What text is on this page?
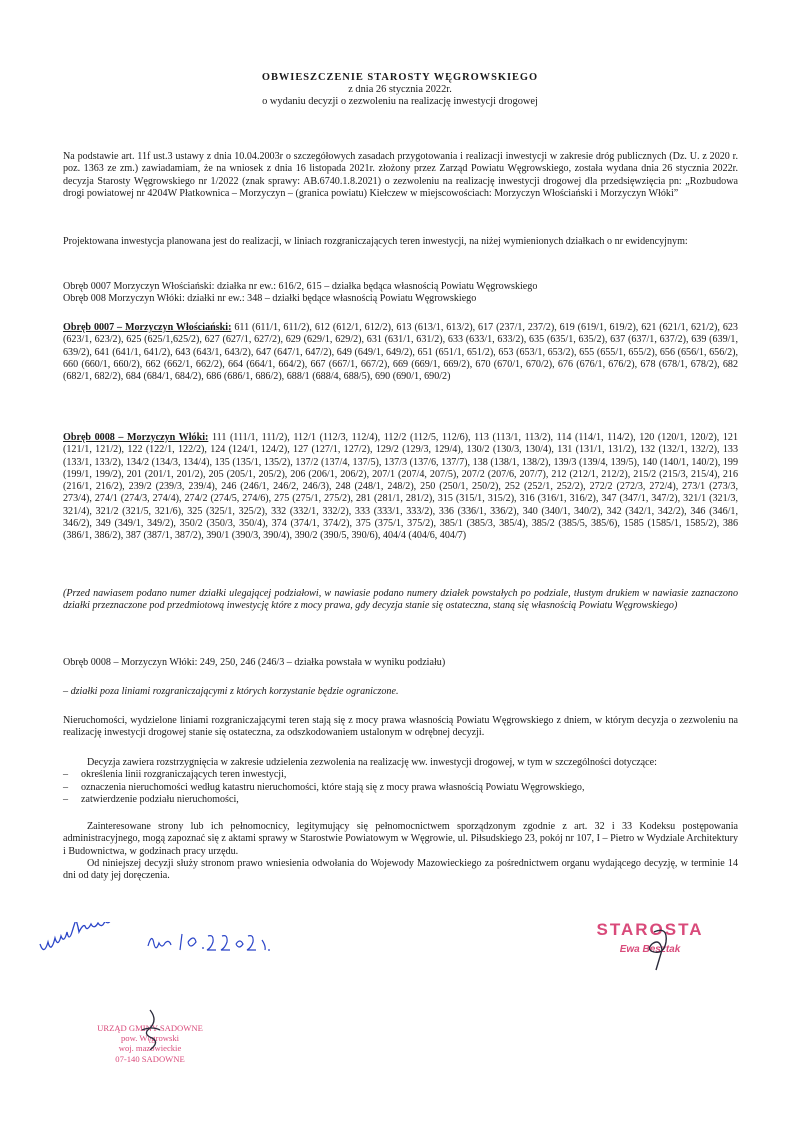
OBWIESZCZENIE STAROSTY WĘGROWSKIEGO
z dnia 26 stycznia 2022r.
o wydaniu decyzji o zezwoleniu na realizację inwestycji drogowej

Na podstawie art. 11f ust.3 ustawy z dnia 10.04.2003r o szczegółowych zasadach przygotowania i realizacji inwestycji w zakresie dróg publicznych (Dz. U. z 2020 r. poz. 1363 ze zm.) zawiadamiam, że na wniosek z dnia 16 listopada 2021r. złożony przez Zarząd Powiatu Węgrowskiego, została wydana dnia 26 stycznia 2022r. decyzja Starosty Węgrowskiego nr 1/2022 (znak sprawy: AB.6740.1.8.2021) o zezwoleniu na realizację inwestycji drogowej dla przedsięwzięcia pn: „Rozbudowa drogi powiatowej nr 4204W Płatkownica – Morzyczyn – (granica powiatu) Kiełczew w miejscowościach: Morzyczyn Włościański i Morzyczyn Włóki”

Projektowana inwestycja planowana jest do realizacji, w liniach rozgraniczających teren inwestycji, na niżej wymienionych działkach o nr ewidencyjnym:

Obręb 0007 Morzyczyn Włościański: działka nr ew.: 616/2, 615 – działka będąca własnością Powiatu Węgrowskiego

Obręb 008 Morzyczyn Włóki: działki nr ew.: 348 – działki będące własnością Powiatu Węgrowskiego

Obręb 0007 – Morzyczyn Włościański: 611 (611/1, 611/2), 612 (612/1, 612/2), 613 (613/1, 613/2), 617 (237/1, 237/2), 619 (619/1, 619/2), 621 (621/1, 621/2), 623 (623/1, 623/2), 625 (625/1,625/2), 627 (627/1, 627/2), 629 (629/1, 629/2), 631 (631/1, 631/2), 633 (633/1, 633/2), 635 (635/1, 635/2), 637 (637/1, 637/2), 639 (639/1, 639/2), 641 (641/1, 641/2), 643 (643/1, 643/2), 647 (647/1, 647/2), 649 (649/1, 649/2), 651 (651/1, 651/2), 653 (653/1, 653/2), 655 (655/1, 655/2), 656 (656/1, 656/2), 660 (660/1, 660/2), 662 (662/1, 662/2), 664 (664/1, 664/2), 667 (667/1, 667/2), 669 (669/1, 669/2), 670 (670/1, 670/2), 676 (676/1, 676/2), 678 (678/1, 678/2), 682 (682/1, 682/2), 684 (684/1, 684/2), 686 (686/1, 686/2), 688/1 (688/4, 688/5), 690 (690/1, 690/2)

Obręb 0008 – Morzyczyn Włóki: 111 (111/1, 111/2), 112/1 (112/3, 112/4), 112/2 (112/5, 112/6), 113 (113/1, 113/2), 114 (114/1, 114/2), 120 (120/1, 120/2), 121 (121/1, 121/2), 122 (122/1, 122/2), 124 (124/1, 124/2), 127 (127/1, 127/2), 129/2 (129/3, 129/4), 130/2 (130/3, 130/4), 131 (131/1, 131/2), 132 (132/1, 132/2), 133 (133/1, 133/2), 134/2 (134/3, 134/4), 135 (135/1, 135/2), 137/2 (137/4, 137/5), 137/3 (137/6, 137/7), 138 (138/1, 138/2), 139/3 (139/4, 139/5), 140 (140/1, 140/2), 199 (199/1, 199/2), 201 (201/1, 201/2), 205 (205/1, 205/2), 206 (206/1, 206/2), 207/1 (207/4, 207/5), 207/2 (207/6, 207/7), 212 (212/1, 212/2), 215/2 (215/3, 215/4), 216 (216/1, 216/2), 239/2 (239/3, 239/4), 246 (246/1, 246/2, 246/3), 248 (248/1, 248/2), 250 (250/1, 250/2), 252 (252/1, 252/2), 272/2 (272/3, 272/4), 273/1 (273/3, 273/4), 274/1 (274/3, 274/4), 274/2 (274/5, 274/6), 275 (275/1, 275/2), 281 (281/1, 281/2), 315 (315/1, 315/2), 316 (316/1, 316/2), 347 (347/1, 347/2), 321/1 (321/3, 321/4), 321/2 (321/5, 321/6), 325 (325/1, 325/2), 332 (332/1, 332/2), 333 (333/1, 333/2), 336 (336/1, 336/2), 340 (340/1, 340/2), 342 (342/1, 342/2), 346 (346/1, 346/2), 349 (349/1, 349/2), 350/2 (350/3, 350/4), 374 (374/1, 374/2), 375 (375/1, 375/2), 385/1 (385/3, 385/4), 385/2 (385/5, 385/6), 1585 (1585/1, 1585/2), 386 (386/1, 386/2), 387 (387/1, 387/2), 390/1 (390/3, 390/4), 390/2 (390/5, 390/6), 404/4 (404/6, 404/7)

(Przed nawiasem podano numer działki ulegającej podziałowi, w nawiasie podano numery działek powstałych po podziale, tłustym drukiem w nawiasie zaznaczono działki przeznaczone pod przedmiotową inwestycję które z mocy prawa, gdy decyzja stanie się ostateczna, staną się własnością Powiatu Węgrowskiego)

Obręb 0008 – Morzyczyn Włóki: 249, 250, 246 (246/3 – działka powstała w wyniku podziału)

– działki poza liniami rozgraniczającymi z których korzystanie będzie ograniczone.

Nieruchomości, wydzielone liniami rozgraniczającymi teren stają się z mocy prawa własnością Powiatu Węgrowskiego z dniem, w którym decyzja o zezwoleniu na realizację inwestycji drogowej stanie się ostateczna, za odszkodowaniem ustalonym w odrębnej decyzji.

Decyzja zawiera rozstrzygnięcia w zakresie udzielenia zezwolenia na realizację ww. inwestycji drogowej, w tym w szczególności dotyczące:

– określenia linii rozgraniczających teren inwestycji,
– oznaczenia nieruchomości według katastru nieruchomości, które stają się z mocy prawa własnością Powiatu Węgrowskiego,
– zatwierdzenie podziału nieruchomości,

Zainteresowane strony lub ich pełnomocnicy, legitymujący się pełnomocnictwem sporządzonym zgodnie z art. 32 i 33 Kodeksu postępowania administracyjnego, mogą zapoznać się z aktami sprawy w Starostwie Powiatowym w Węgrowie, ul. Piłsudskiego 23, pokój nr 107, I – Pietro w Wydziale Architektury i Budownictwa, w godzinach pracy urzędu.

Od niniejszej decyzji służy stronom prawo wniesienia odwołania do Wojewody Mazowieckiego za pośrednictwem organu wydającego decyzję, w terminie 14 dni od daty jej doręczenia.

STAROSTA
Ewa Besztak
URZĄD GMINY SADOWNE
pow. Węgrowski
woj. mazowieckie
07-140 SADOWNE
